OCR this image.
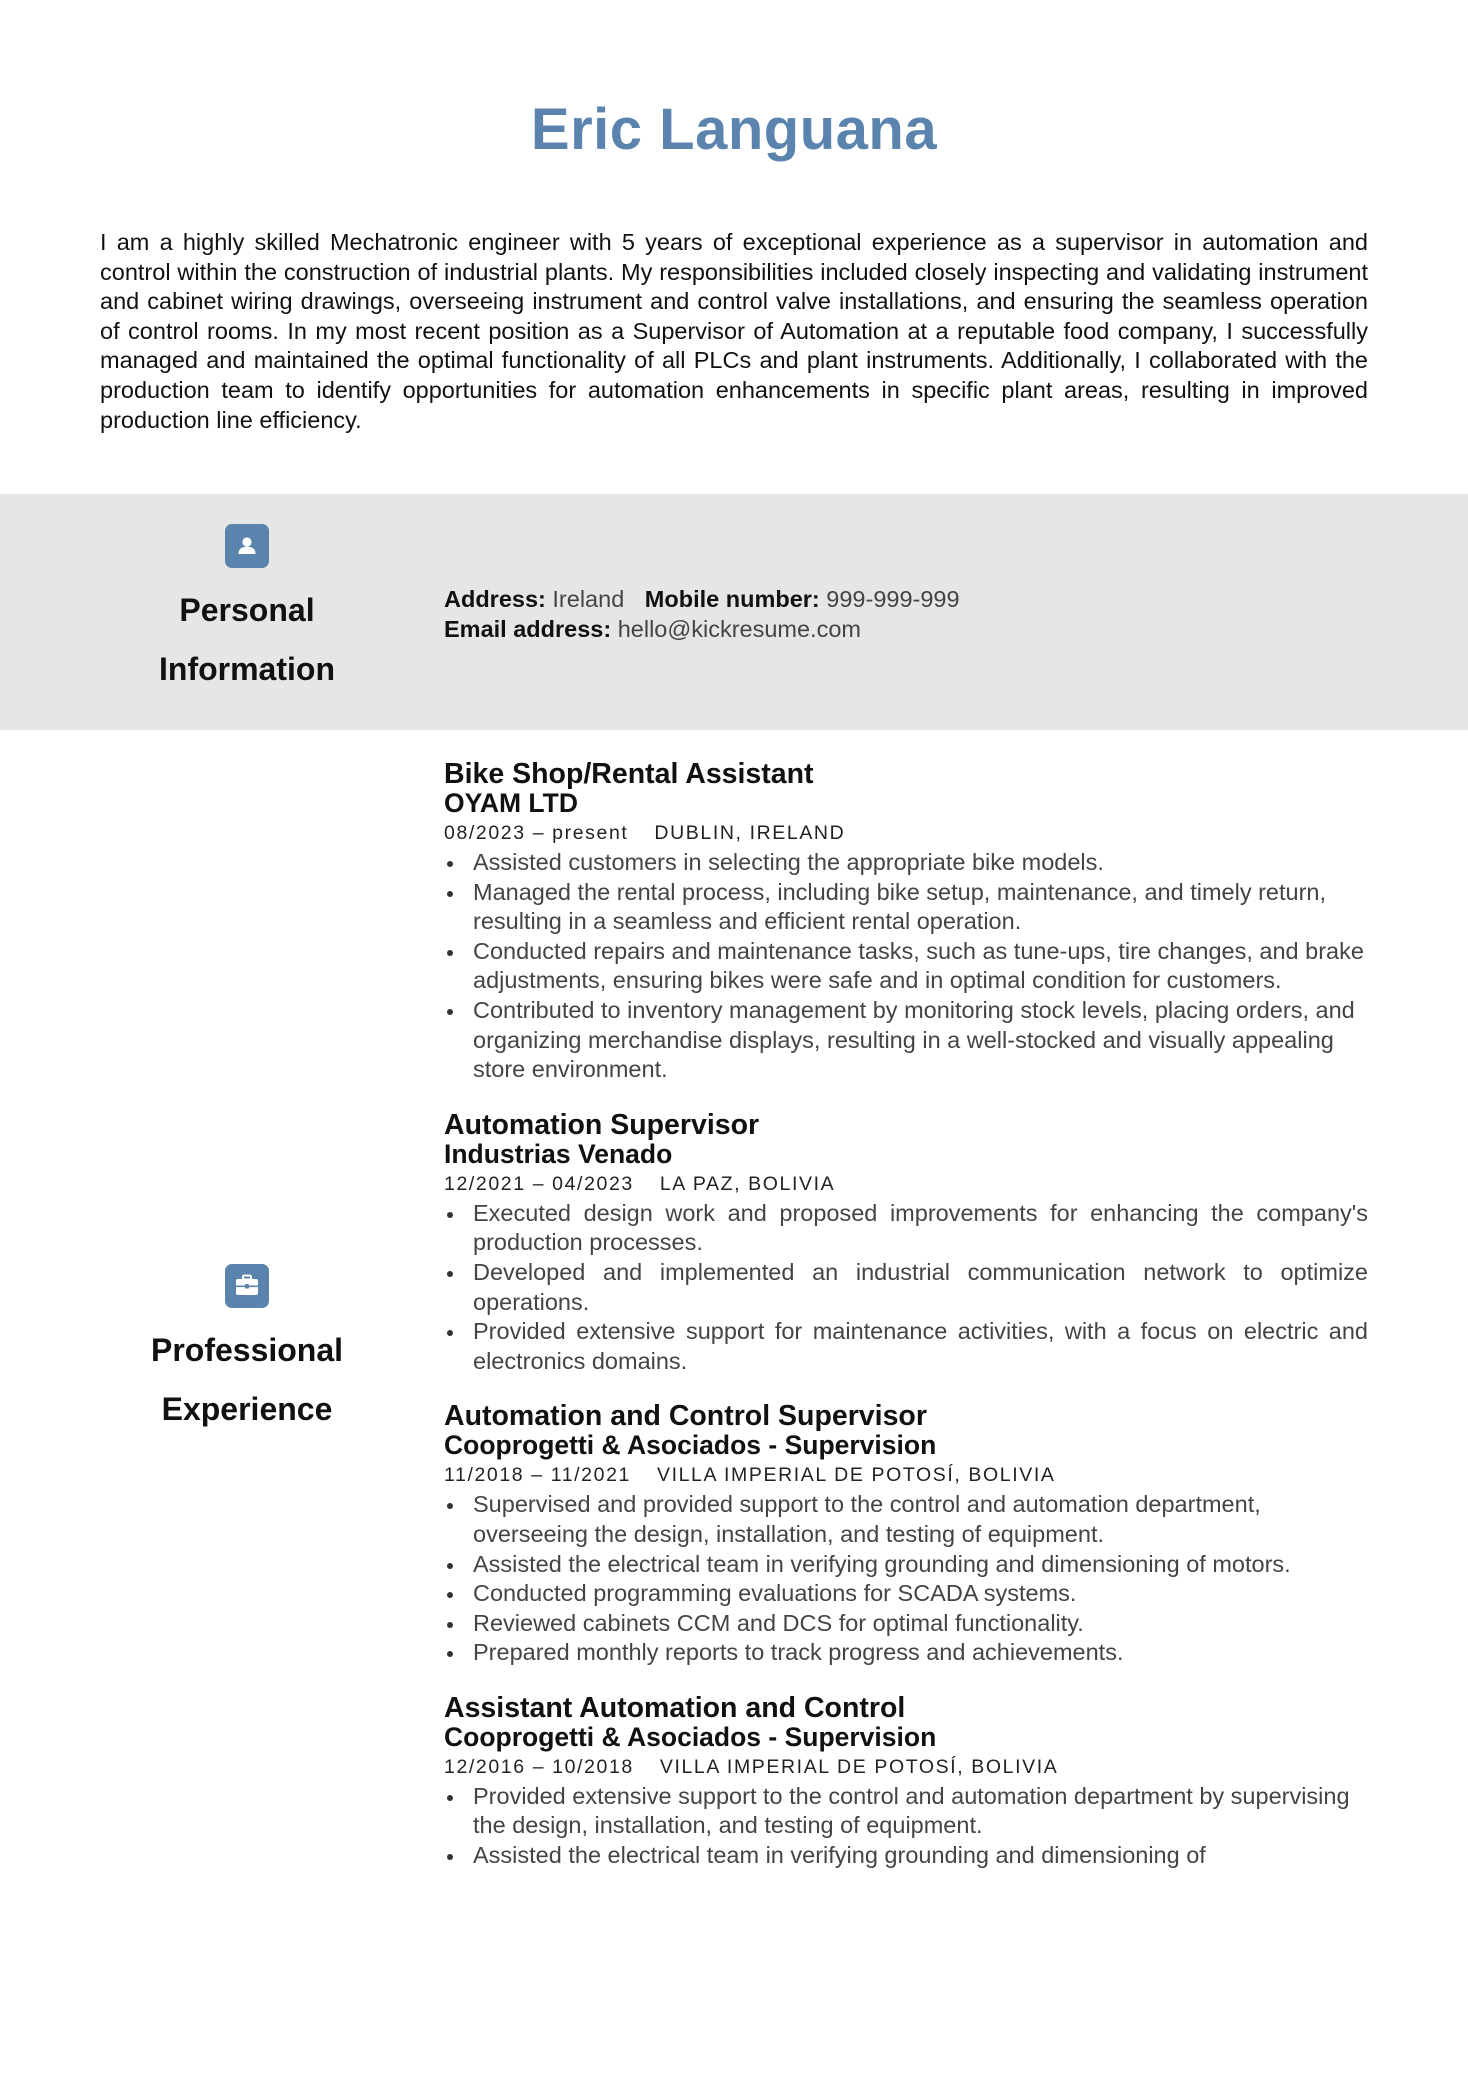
Eric Languana
I am a highly skilled Mechatronic engineer with 5 years of exceptional experience as a supervisor in automation and control within the construction of industrial plants. My responsibilities included closely inspecting and validating instrument and cabinet wiring drawings, overseeing instrument and control valve installations, and ensuring the seamless operation of control rooms. In my most recent position as a Supervisor of Automation at a reputable food company, I successfully managed and maintained the optimal functionality of all PLCs and plant instruments. Additionally, I collaborated with the production team to identify opportunities for automation enhancements in specific plant areas, resulting in improved production line efficiency.
Personal
Information
Address: Ireland Mobile number: 999-999-999
Email address: hello@kickresume.com
Professional
Experience
Bike Shop/Rental Assistant
OYAM LTD
08/2023 – present DUBLIN, IRELAND
Assisted customers in selecting the appropriate bike models.
Managed the rental process, including bike setup, maintenance, and timely return, resulting in a seamless and efficient rental operation.
Conducted repairs and maintenance tasks, such as tune-ups, tire changes, and brake adjustments, ensuring bikes were safe and in optimal condition for customers.
Contributed to inventory management by monitoring stock levels, placing orders, and organizing merchandise displays, resulting in a well-stocked and visually appealing store environment.
Automation Supervisor
Industrias Venado
12/2021 – 04/2023 LA PAZ, BOLIVIA
Executed design work and proposed improvements for enhancing the company's production processes.
Developed and implemented an industrial communication network to optimize operations.
Provided extensive support for maintenance activities, with a focus on electric and electronics domains.
Automation and Control Supervisor
Cooprogetti & Asociados - Supervision
11/2018 – 11/2021 VILLA IMPERIAL DE POTOSÍ, BOLIVIA
Supervised and provided support to the control and automation department, overseeing the design, installation, and testing of equipment.
Assisted the electrical team in verifying grounding and dimensioning of motors.
Conducted programming evaluations for SCADA systems.
Reviewed cabinets CCM and DCS for optimal functionality.
Prepared monthly reports to track progress and achievements.
Assistant Automation and Control
Cooprogetti & Asociados - Supervision
12/2016 – 10/2018 VILLA IMPERIAL DE POTOSÍ, BOLIVIA
Provided extensive support to the control and automation department by supervising the design, installation, and testing of equipment.
Assisted the electrical team in verifying grounding and dimensioning of
